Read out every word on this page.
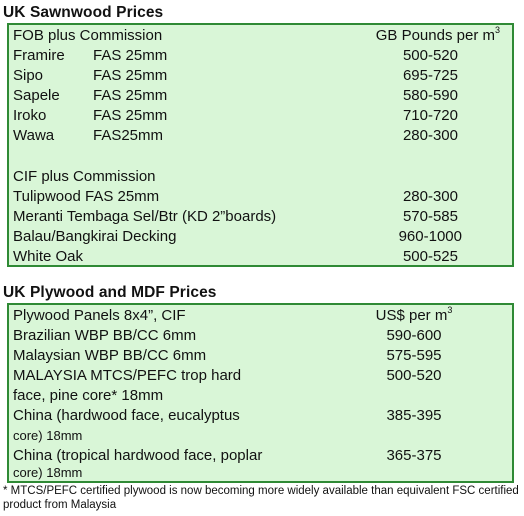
UK Sawnwood Prices
FOB plus Commission	GB Pounds per $m^3$
Framire FAS 25mm	500-520
Sipo	FAS 25mm	695-725
Sapele FAS 25mm	580-590
Iroko	FAS 25mm	710-720
Wawa	FAS25mm	280-300
CIF plus Commission
Tulipwood FAS 25mm	280-300
Meranti Tembaga Sel/Btr (KD 2”boards)	570-585
Balau/Bangkirai Decking	960-1000
White Oak	500-525
UK Plywood and MDF Prices
Plywood Panels 8x4”, CIF	US$ per $m^3$
Brazilian WBP BB/CC 6mm	590-600
Malaysian WBP BB/CC 6mm	575-595
MALAYSIA MTCS/PEFC trop hard	500-520
face, pine core* 18mm
China (hardwood face, eucalyptus	385-395
core) 18mm
China (tropical hardwood face, poplar	365-375
core) 18mm
* MTCS/PEFC certified plywood is now becoming more widely available than equivalent FSC certified product from Malaysia
